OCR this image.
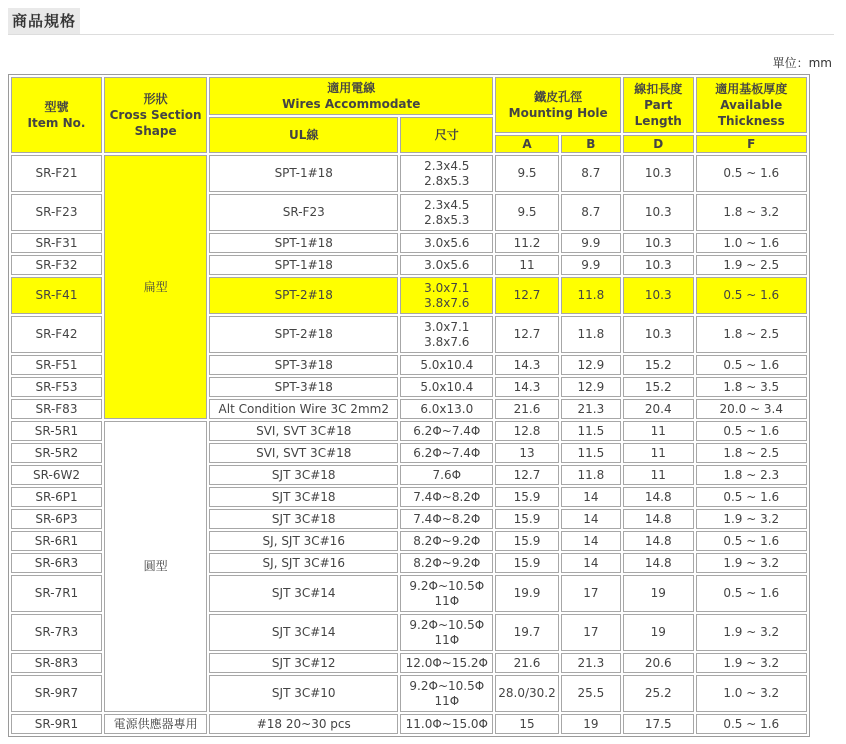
商品規格
單位：mm
型號
Item No.	形狀
Cross Section
Shape	適用電線
Wires Accommodate		鐵皮孔徑
Mounting Hole		線扣長度
Part
Length	適用基板厚度
Available
Thickness
		UL線	尺寸				
				A	B	D	F
SR-F21	扁型	SPT-1#18	2.3x4.5
2.8x5.3	9.5	8.7	10.3	0.5 ~ 1.6
SR-F23		SR-F23	2.3x4.5
2.8x5.3	9.5	8.7	10.3	1.8 ~ 3.2
SR-F31		SPT-1#18	3.0x5.6	11.2	9.9	10.3	1.0 ~ 1.6
SR-F32		SPT-1#18	3.0x5.6	11	9.9	10.3	1.9 ~ 2.5
SR-F41		SPT-2#18	3.0x7.1
3.8x7.6	12.7	11.8	10.3	0.5 ~ 1.6
SR-F42		SPT-2#18	3.0x7.1
3.8x7.6	12.7	11.8	10.3	1.8 ~ 2.5
SR-F51		SPT-3#18	5.0x10.4	14.3	12.9	15.2	0.5 ~ 1.6
SR-F53		SPT-3#18	5.0x10.4	14.3	12.9	15.2	1.8 ~ 3.5
SR-F83		Alt Condition Wire 3C 2mm2	6.0x13.0	21.6	21.3	20.4	20.0 ~ 3.4
SR-5R1	圓型	SVI, SVT 3C#18	6.2Φ~7.4Φ	12.8	11.5	11	0.5 ~ 1.6
SR-5R2		SVI, SVT 3C#18	6.2Φ~7.4Φ	13	11.5	11	1.8 ~ 2.5
SR-6W2		SJT 3C#18	7.6Φ	12.7	11.8	11	1.8 ~ 2.3
SR-6P1		SJT 3C#18	7.4Φ~8.2Φ	15.9	14	14.8	0.5 ~ 1.6
SR-6P3		SJT 3C#18	7.4Φ~8.2Φ	15.9	14	14.8	1.9 ~ 3.2
SR-6R1		SJ, SJT 3C#16	8.2Φ~9.2Φ	15.9	14	14.8	0.5 ~ 1.6
SR-6R3		SJ, SJT 3C#16	8.2Φ~9.2Φ	15.9	14	14.8	1.9 ~ 3.2
SR-7R1		SJT 3C#14	9.2Φ~10.5Φ
11Φ	19.9	17	19	0.5 ~ 1.6
SR-7R3		SJT 3C#14	9.2Φ~10.5Φ
11Φ	19.7	17	19	1.9 ~ 3.2
SR-8R3		SJT 3C#12	12.0Φ~15.2Φ	21.6	21.3	20.6	1.9 ~ 3.2
SR-9R7		SJT 3C#10	9.2Φ~10.5Φ
11Φ	28.0/30.2	25.5	25.2	1.0 ~ 3.2
SR-9R1	電源供應器專用	#18 20~30 pcs	11.0Φ~15.0Φ	15	19	17.5	0.5 ~ 1.6
